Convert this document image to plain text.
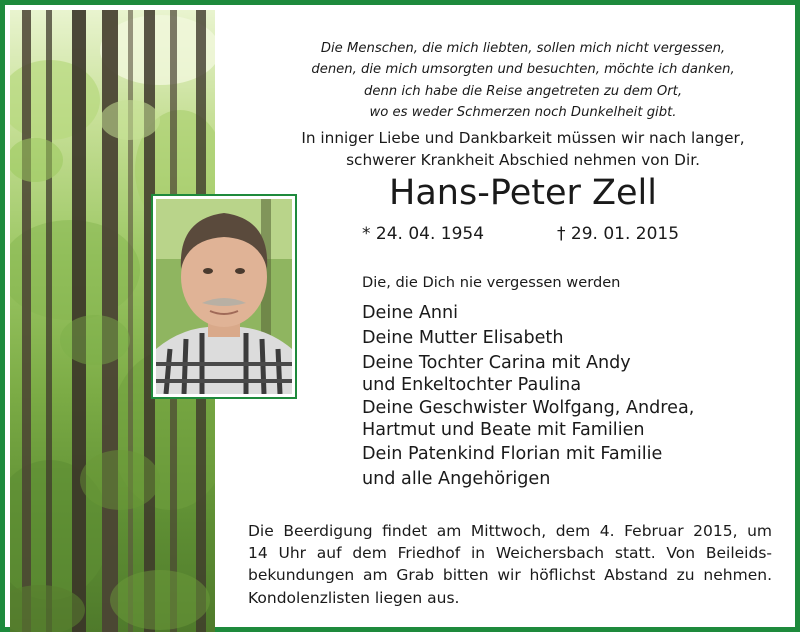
Die Menschen, die mich liebten, sollen mich nicht vergessen,
denen, die mich umsorgten und besuchten, möchte ich danken,
denn ich habe die Reise angetreten zu dem Ort,
wo es weder Schmerzen noch Dunkelheit gibt.
In inniger Liebe und Dankbarkeit müssen wir nach langer,
schwerer Krankheit Abschied nehmen von Dir.
Hans-Peter Zell
* 24. 04. 1954	† 29. 01. 2015
Die, die Dich nie vergessen werden

Deine Anni

Deine Mutter Elisabeth

Deine Tochter Carina mit Andy

und Enkeltochter Paulina

Deine Geschwister Wolfgang, Andrea,

Hartmut und Beate mit Familien

Dein Patenkind Florian mit Familie

und alle Angehörigen

Die Beerdigung findet am Mittwoch, dem 4. Februar 2015, um
14 Uhr auf dem Friedhof in Weichersbach statt. Von Beileids-
bekundungen am Grab bitten wir höflichst Abstand zu nehmen.
Kondolenzlisten liegen aus.
